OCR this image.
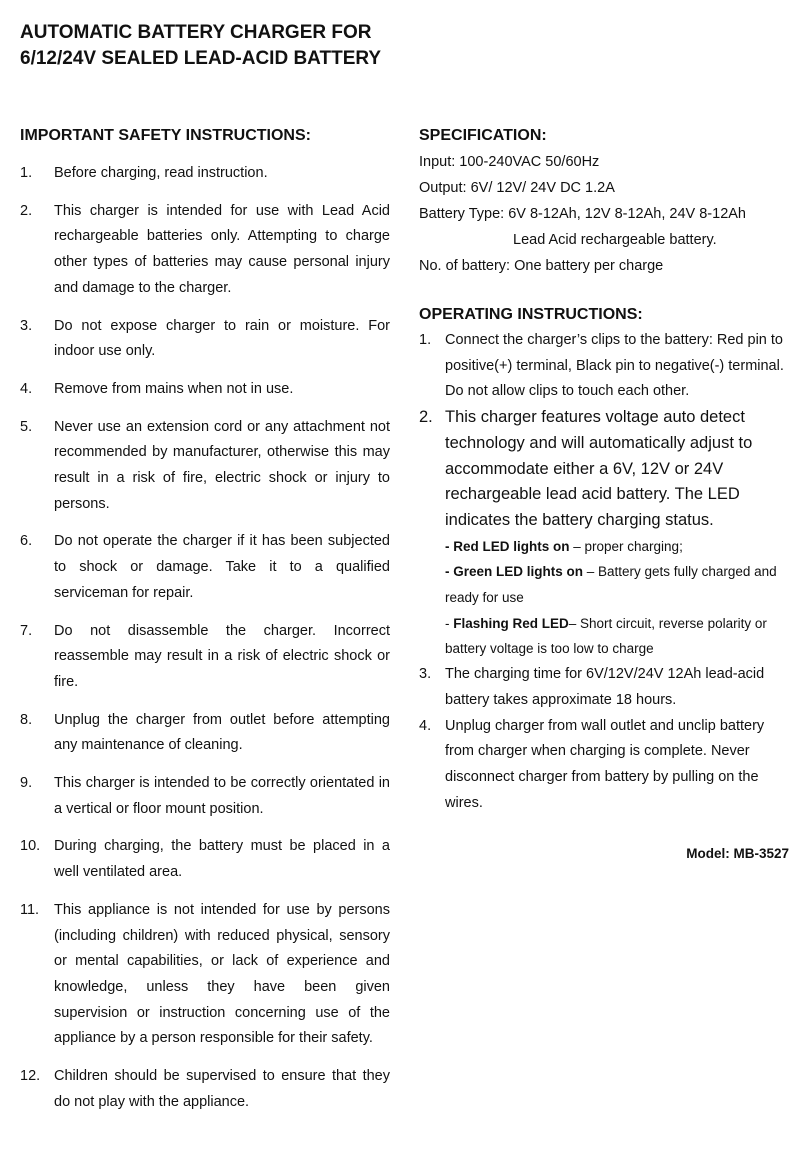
AUTOMATIC BATTERY CHARGER FOR 6/12/24V SEALED LEAD-ACID BATTERY
IMPORTANT SAFETY INSTRUCTIONS:
1. Before charging, read instruction.
2. This charger is intended for use with Lead Acid rechargeable batteries only. Attempting to charge other types of batteries may cause personal injury and damage to the charger.
3. Do not expose charger to rain or moisture. For indoor use only.
4. Remove from mains when not in use.
5. Never use an extension cord or any attachment not recommended by manufacturer, otherwise this may result in a risk of fire, electric shock or injury to persons.
6. Do not operate the charger if it has been subjected to shock or damage. Take it to a qualified serviceman for repair.
7. Do not disassemble the charger. Incorrect reassemble may result in a risk of electric shock or fire.
8. Unplug the charger from outlet before attempting any maintenance of cleaning.
9. This charger is intended to be correctly orientated in a vertical or floor mount position.
10. During charging, the battery must be placed in a well ventilated area.
11. This appliance is not intended for use by persons (including children) with reduced physical, sensory or mental capabilities, or lack of experience and knowledge, unless they have been given supervision or instruction concerning use of the appliance by a person responsible for their safety.
12. Children should be supervised to ensure that they do not play with the appliance.
SPECIFICATION:

Input: 100-240VAC 50/60Hz

Output: 6V/ 12V/ 24V DC 1.2A

Battery Type: 6V 8-12Ah, 12V 8-12Ah, 24V 8-12Ah

Lead Acid rechargeable battery.

No. of battery: One battery per charge

OPERATING INSTRUCTIONS:
1. Connect the charger’s clips to the battery: Red pin to positive(+) terminal, Black pin to negative(-) terminal. Do not allow clips to touch each other.
2. This charger features voltage auto detect technology and will automatically adjust to accommodate either a 6V, 12V or 24V rechargeable lead acid battery. The LED indicates the battery charging status.
- Red LED lights on – proper charging;
- Green LED lights on – Battery gets fully charged and ready for use
- Flashing Red LED– Short circuit, reverse polarity or battery voltage is too low to charge
3. The charging time for 6V/12V/24V 12Ah lead-acid battery takes approximate 18 hours.
4. Unplug charger from wall outlet and unclip battery from charger when charging is complete. Never disconnect charger from battery by pulling on the wires.

Model: MB-3527
